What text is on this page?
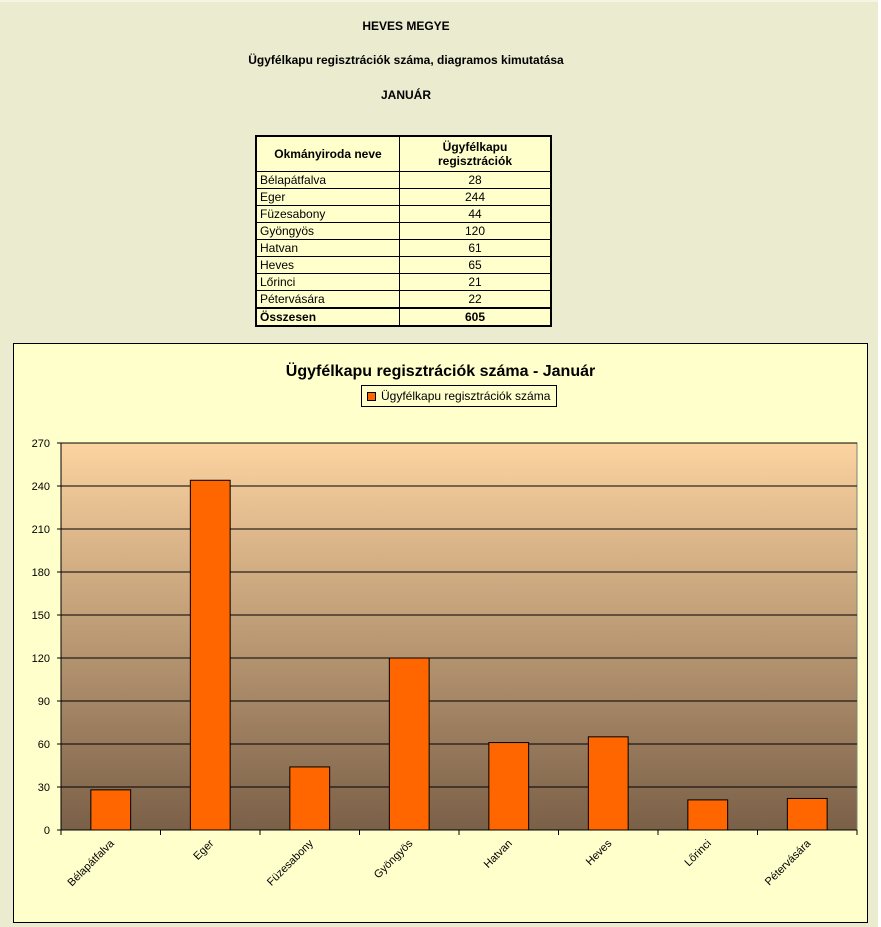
HEVES MEGYE
Ügyfélkapu regisztrációk száma, diagramos kimutatása
JANUÁR
Okmányiroda neve	Ügyfélkapu
regisztrációk
Bélapátfalva	28
Eger	244
Füzesabony	44
Gyöngyös	120
Hatvan	61
Heves	65
Lőrinci	21
Pétervására	22
Összesen	605
0
30
60
90
120
150
180
210
240
270
Bélapátfalva	Eger	Füzesabony	Gyöngyös	Hatvan	Heves	Lőrinci	Pétervására
Ügyfélkapu regisztrációk száma - Január
Ügyfélkapu regisztrációk száma
